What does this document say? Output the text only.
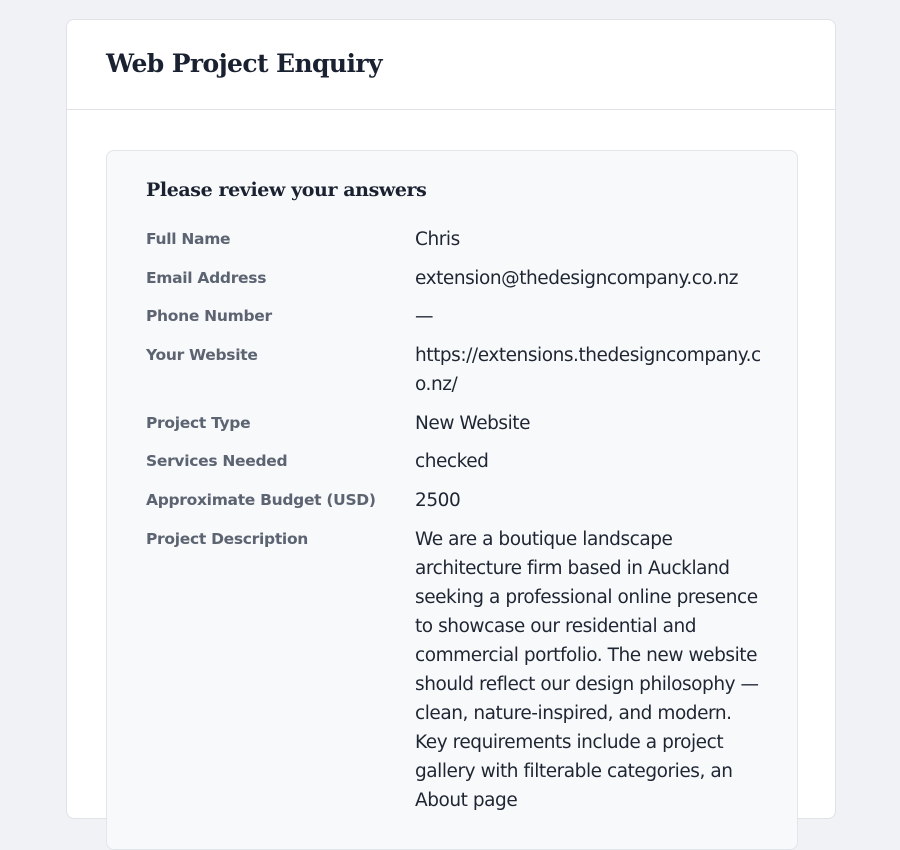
Web Project Enquiry
Please review your answers
Full Name	Chris
Email Address	extension@thedesigncompany.co.nz
Phone Number	—
Your Website	https://extensions.thedesigncompany.co.nz/
Project Type	New Website
Services Needed	checked
Approximate Budget (USD)	2500
Project Description	We are a boutique landscape architecture firm based in Auckland seeking a professional online presence to showcase our residential and commercial portfolio. The new website should reflect our design philosophy — clean, nature-inspired, and modern. Key requirements include a project gallery with filterable categories, an About page
